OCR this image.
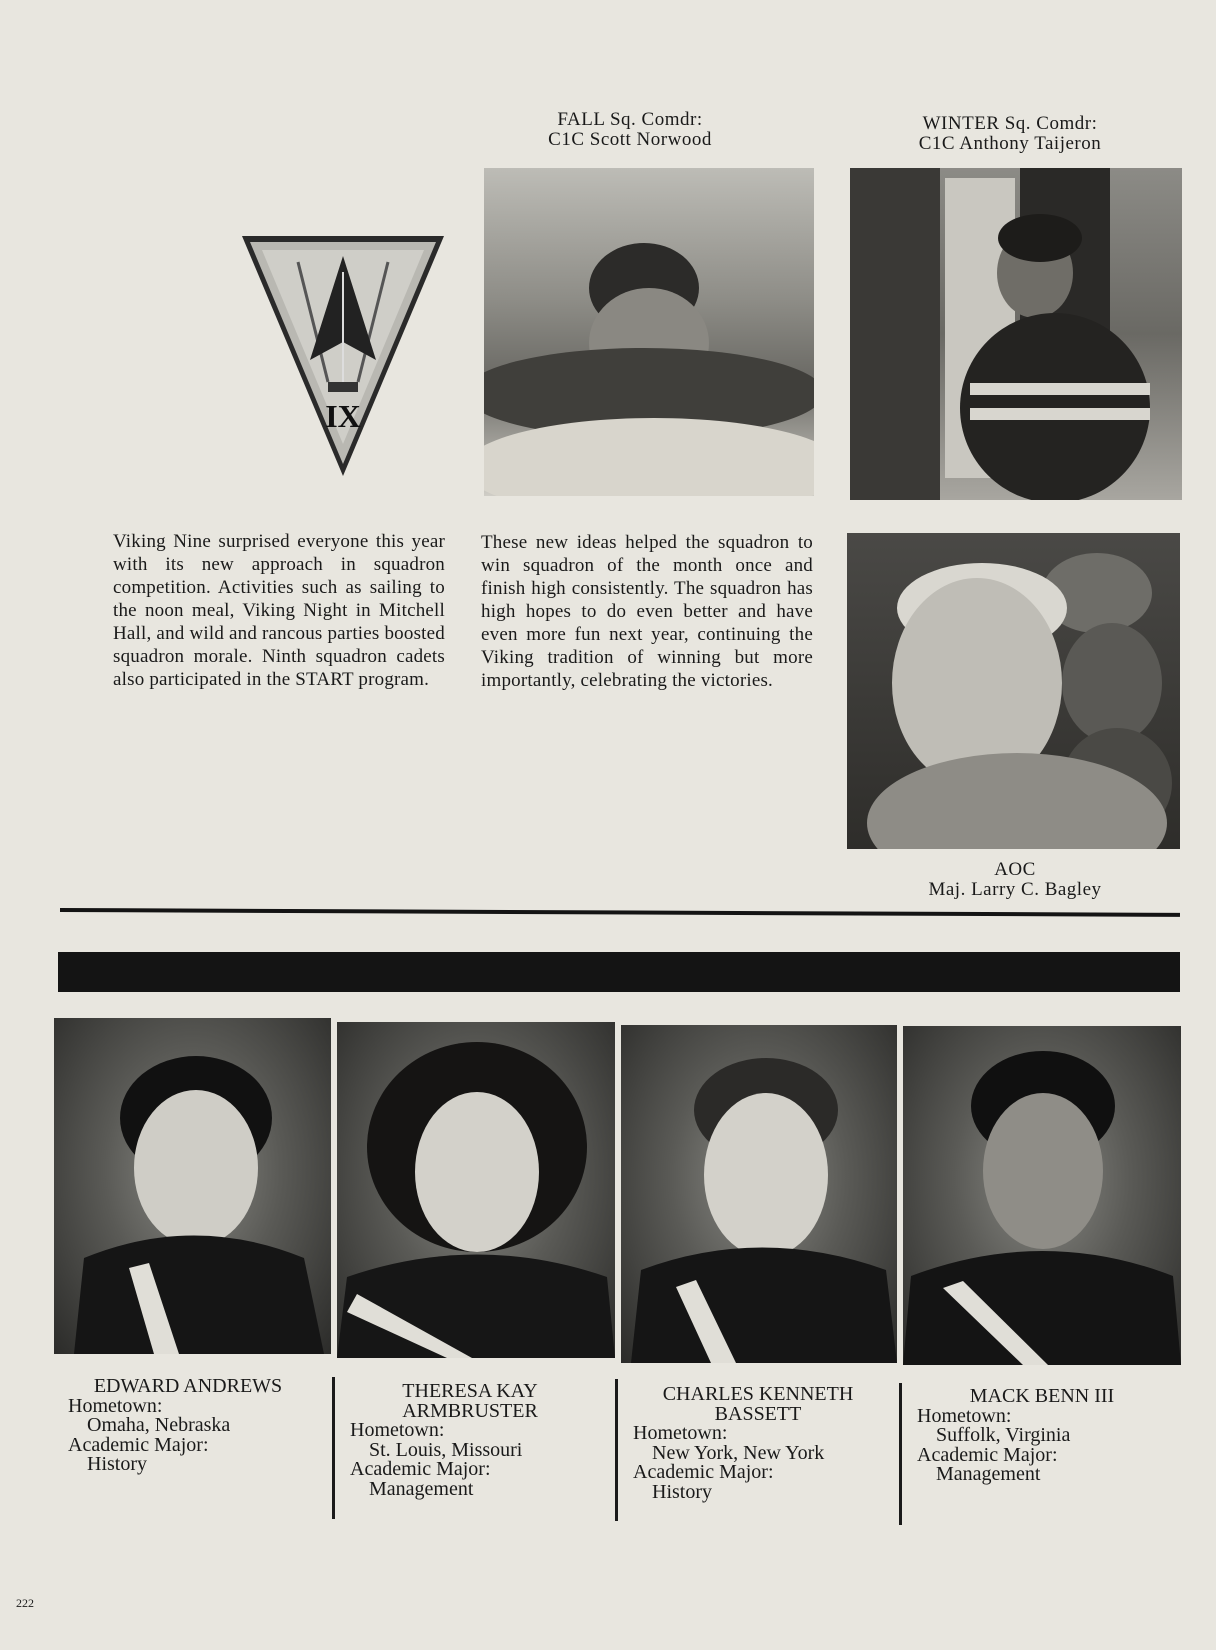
FALL Sq. Comdr:
C1C Scott Norwood
WINTER Sq. Comdr:
C1C Anthony Taijeron
IX
Viking Nine surprised everyone this year with its new approach in squadron competition. Activities such as sailing to the noon meal, Viking Night in Mitchell Hall, and wild and rancous parties boosted squadron morale. Ninth squadron cadets also participated in the START program.
These new ideas helped the squadron to win squadron of the month once and finish high consistently. The squadron has high hopes to do even better and have even more fun next year, continuing the Viking tradition of winning but more importantly, celebrating the victories.
AOC
Maj. Larry C. Bagley
EDWARD ANDREWS
Hometown:
Omaha, Nebraska
Academic Major:
History
THERESA KAY
ARMBRUSTER
Hometown:
St. Louis, Missouri
Academic Major:
Management
CHARLES KENNETH
BASSETT
Hometown:
New York, New York
Academic Major:
History
MACK BENN III
Hometown:
Suffolk, Virginia
Academic Major:
Management
222
